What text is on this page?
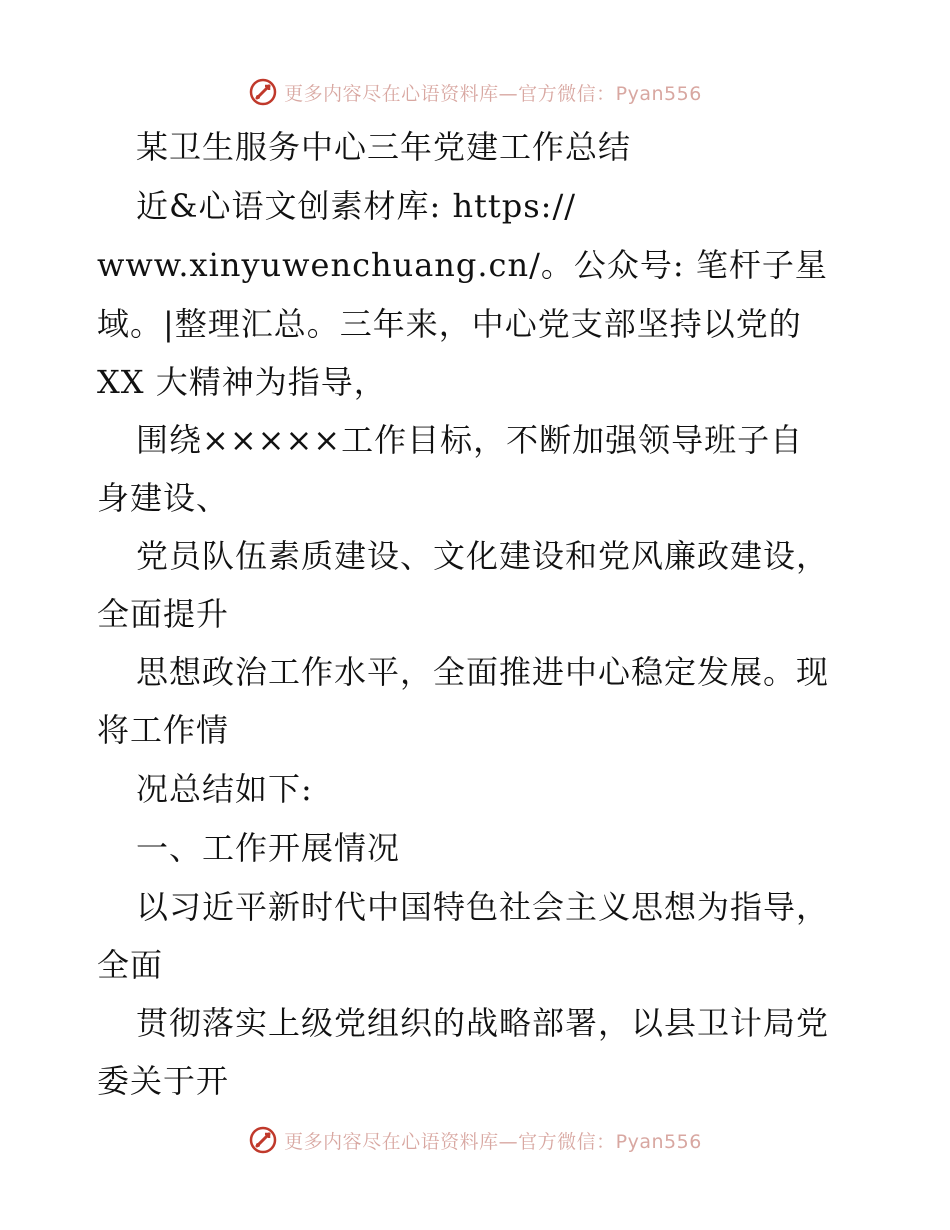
更多内容尽在心语资料库—官方微信：Pyan556
某卫生服务中心三年党建工作总结
近&心语文创素材库: https://
www.xinyuwenchuang.cn/。公众号: 笔杆子星
域。|整理汇总。三年来，中心党支部坚持以党的
XX 大精神为指导，
围绕×××××工作目标，不断加强领导班子自
身建设、
党员队伍素质建设、文化建设和党风廉政建设，
全面提升
思想政治工作水平，全面推进中心稳定发展。现
将工作情
况总结如下:
一、工作开展情况
以习近平新时代中国特色社会主义思想为指导，
全面
贯彻落实上级党组织的战略部署，以县卫计局党
委关于开
更多内容尽在心语资料库—官方微信：Pyan556
